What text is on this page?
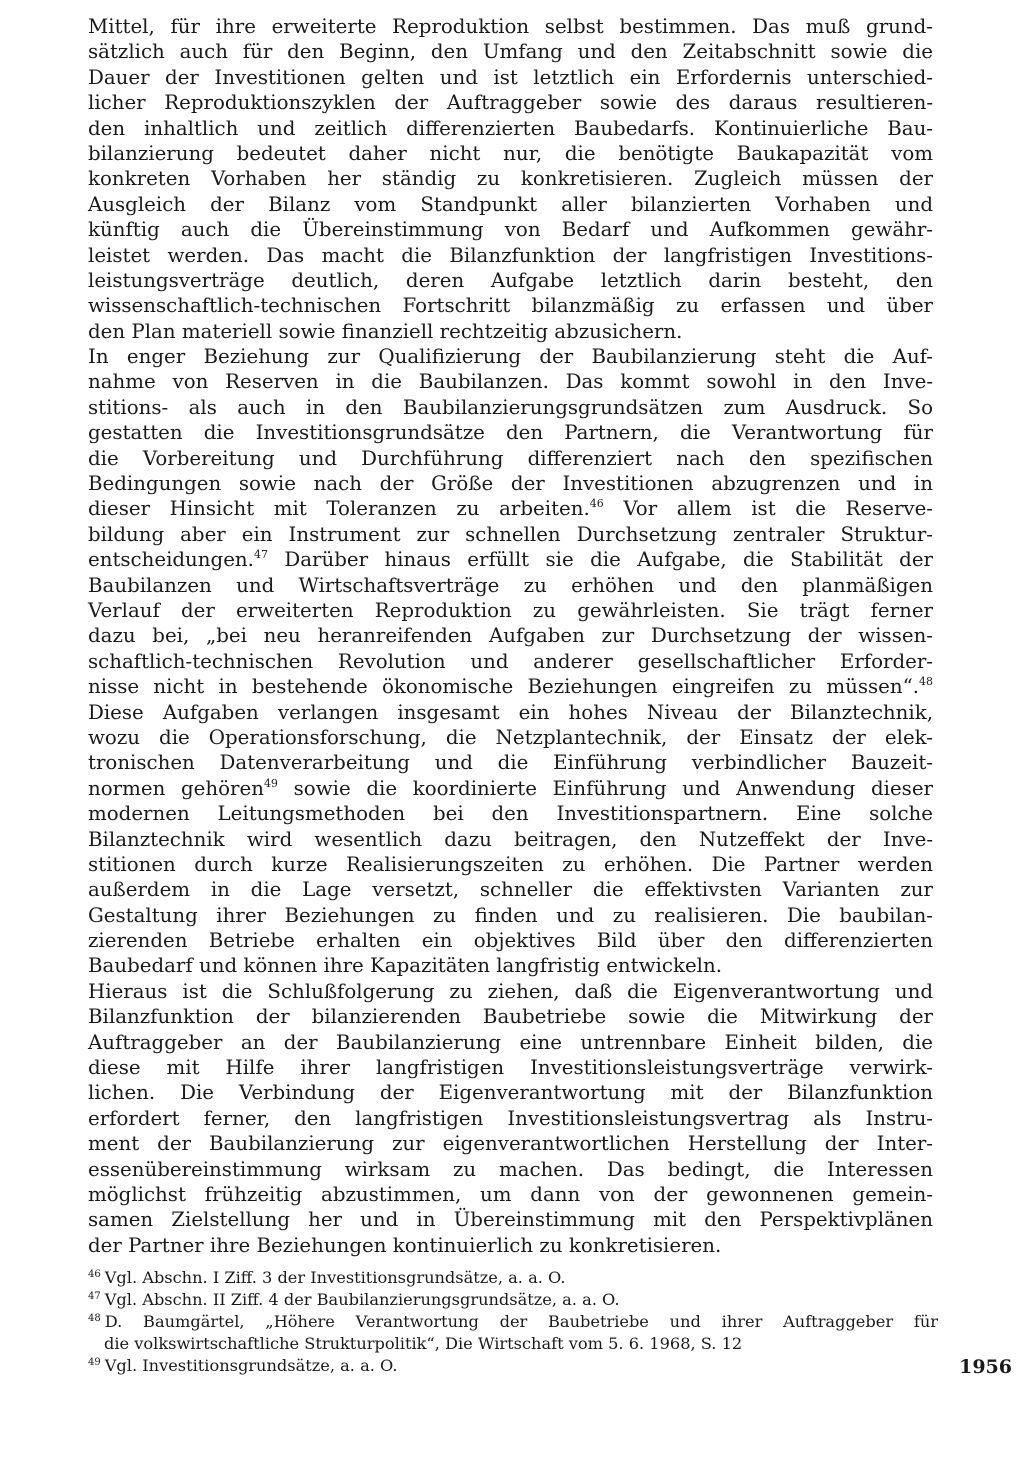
Mittel, für ihre erweiterte Reproduktion selbst bestimmen. Das muß grund-
sätzlich auch für den Beginn, den Umfang und den Zeitabschnitt sowie die
Dauer der Investitionen gelten und ist letztlich ein Erfordernis unterschied-
licher Reproduktionszyklen der Auftraggeber sowie des daraus resultieren-
den inhaltlich und zeitlich differenzierten Baubedarfs. Kontinuierliche Bau-
bilanzierung bedeutet daher nicht nur, die benötigte Baukapazität vom
konkreten Vorhaben her ständig zu konkretisieren. Zugleich müssen der
Ausgleich der Bilanz vom Standpunkt aller bilanzierten Vorhaben und
künftig auch die Übereinstimmung von Bedarf und Aufkommen gewähr-
leistet werden. Das macht die Bilanzfunktion der langfristigen Investitions-
leistungsverträge deutlich, deren Aufgabe letztlich darin besteht, den
wissenschaftlich-technischen Fortschritt bilanzmäßig zu erfassen und über
den Plan materiell sowie finanziell rechtzeitig abzusichern.
In enger Beziehung zur Qualifizierung der Baubilanzierung steht die Auf-
nahme von Reserven in die Baubilanzen. Das kommt sowohl in den Inve-
stitions- als auch in den Baubilanzierungsgrundsätzen zum Ausdruck. So
gestatten die Investitionsgrundsätze den Partnern, die Verantwortung für
die Vorbereitung und Durchführung differenziert nach den spezifischen
Bedingungen sowie nach der Größe der Investitionen abzugrenzen und in
dieser Hinsicht mit Toleranzen zu arbeiten.$^{46}$ Vor allem ist die Reserve-
bildung aber ein Instrument zur schnellen Durchsetzung zentraler Struktur-
entscheidungen.$^{47}$ Darüber hinaus erfüllt sie die Aufgabe, die Stabilität der
Baubilanzen und Wirtschaftsverträge zu erhöhen und den planmäßigen
Verlauf der erweiterten Reproduktion zu gewährleisten. Sie trägt ferner
dazu bei, „bei neu heranreifenden Aufgaben zur Durchsetzung der wissen-
schaftlich-technischen Revolution und anderer gesellschaftlicher Erforder-
nisse nicht in bestehende ökonomische Beziehungen eingreifen zu müssen“.$^{48}$
Diese Aufgaben verlangen insgesamt ein hohes Niveau der Bilanztechnik,
wozu die Operationsforschung, die Netzplantechnik, der Einsatz der elek-
tronischen Datenverarbeitung und die Einführung verbindlicher Bauzeit-
normen gehören$^{49}$ sowie die koordinierte Einführung und Anwendung dieser
modernen Leitungsmethoden bei den Investitionspartnern. Eine solche
Bilanztechnik wird wesentlich dazu beitragen, den Nutzeffekt der Inve-
stitionen durch kurze Realisierungszeiten zu erhöhen. Die Partner werden
außerdem in die Lage versetzt, schneller die effektivsten Varianten zur
Gestaltung ihrer Beziehungen zu finden und zu realisieren. Die baubilan-
zierenden Betriebe erhalten ein objektives Bild über den differenzierten
Baubedarf und können ihre Kapazitäten langfristig entwickeln.
Hieraus ist die Schlußfolgerung zu ziehen, daß die Eigenverantwortung und
Bilanzfunktion der bilanzierenden Baubetriebe sowie die Mitwirkung der
Auftraggeber an der Baubilanzierung eine untrennbare Einheit bilden, die
diese mit Hilfe ihrer langfristigen Investitionsleistungsverträge verwirk-
lichen. Die Verbindung der Eigenverantwortung mit der Bilanzfunktion
erfordert ferner, den langfristigen Investitionsleistungsvertrag als Instru-
ment der Baubilanzierung zur eigenverantwortlichen Herstellung der Inter-
essenübereinstimmung wirksam zu machen. Das bedingt, die Interessen
möglichst frühzeitig abzustimmen, um dann von der gewonnenen gemein-
samen Zielstellung her und in Übereinstimmung mit den Perspektivplänen
der Partner ihre Beziehungen kontinuierlich zu konkretisieren.
$^{46}$ Vgl. Abschn. I Ziff. 3 der Investitionsgrundsätze, a. a. O.
$^{47}$ Vgl. Abschn. II Ziff. 4 der Baubilanzierungsgrundsätze, a. a. O.
$^{48}$ D. Baumgärtel, „Höhere Verantwortung der Baubetriebe und ihrer Auftraggeber für
die volkswirtschaftliche Strukturpolitik“, Die Wirtschaft vom 5. 6. 1968, S. 12
$^{49}$ Vgl. Investitionsgrundsätze, a. a. O.	1956
